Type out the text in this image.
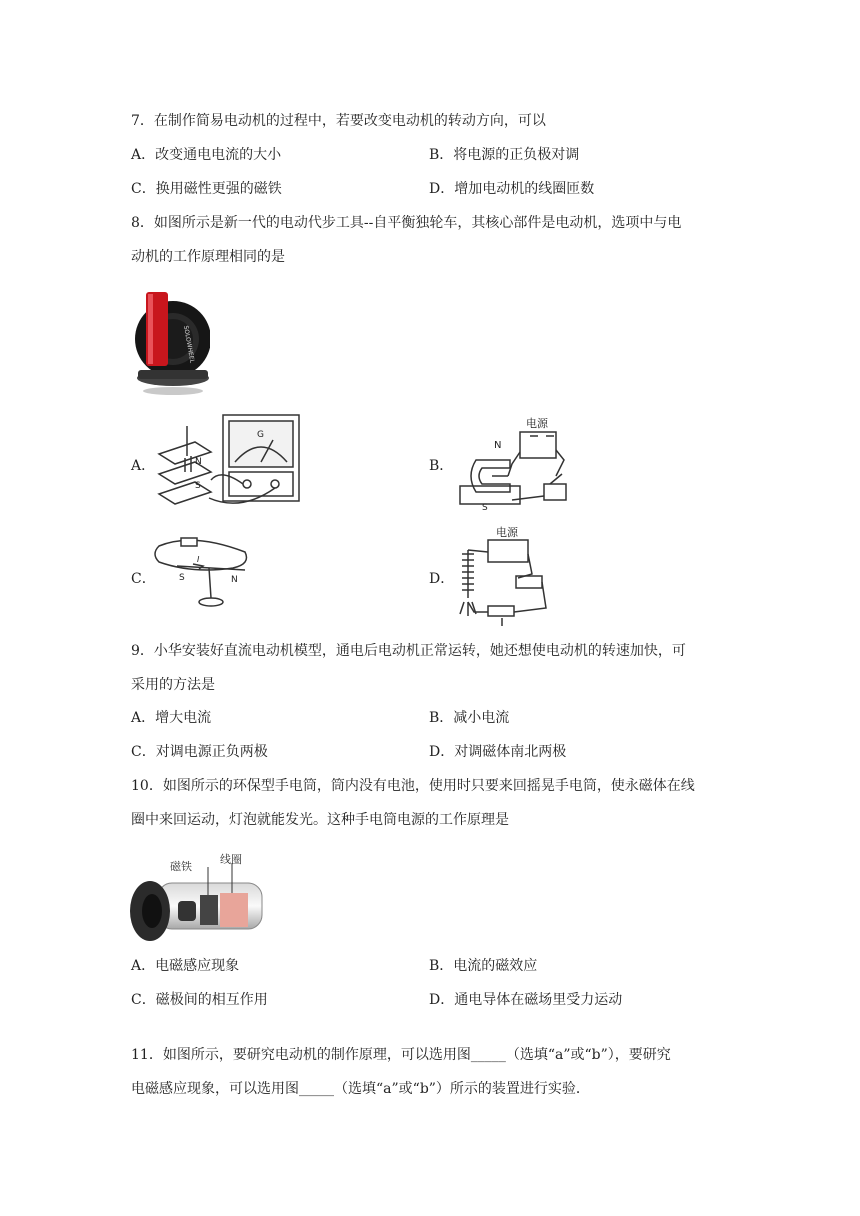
7．在制作简易电动机的过程中，若要改变电动机的转动方向，可以
A．改变通电电流的大小	B．将电源的正负极对调
C．换用磁性更强的磁铁	D．增加电动机的线圈匝数
8．如图所示是新一代的电动代步工具--自平衡独轮车，其核心部件是电动机，选项中与电
动机的工作原理相同的是
SOLOWHEEL
A．
G
N
S
B．
电源
N
S
C．	S	N
I
D．
电源
9．小华安装好直流电动机模型，通电后电动机正常运转，她还想使电动机的转速加快，可
采用的方法是
A．增大电流	B．减小电流
C．对调电源正负两极	D．对调磁体南北两极
10．如图所示的环保型手电筒，筒内没有电池，使用时只要来回摇晃手电筒，使永磁体在线
圈中来回运动，灯泡就能发光。这种手电筒电源的工作原理是
磁铁
线圈
A．电磁感应现象	B．电流的磁效应
C．磁极间的相互作用	D．通电导体在磁场里受力运动
11．如图所示，要研究电动机的制作原理，可以选用图_____（选填“a”或“b”），要研究
电磁感应现象，可以选用图_____（选填“a”或“b”）所示的装置进行实验．
